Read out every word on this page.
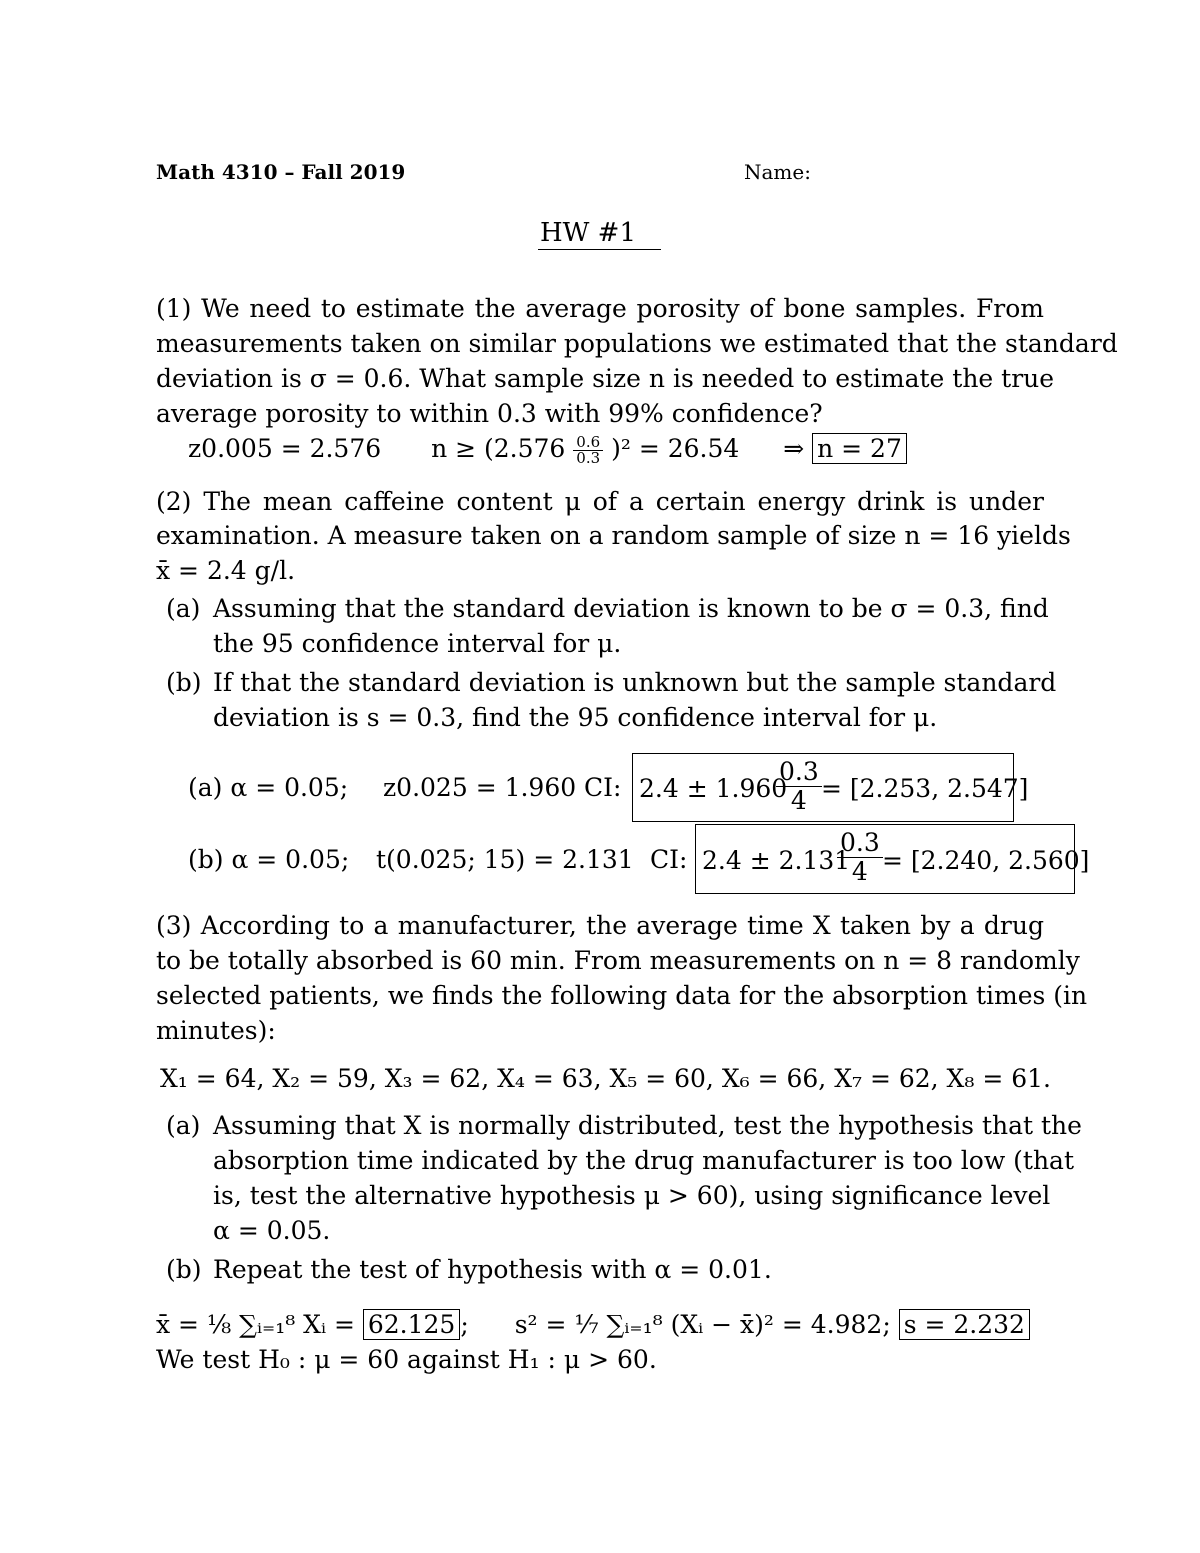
Math 4310 – Fall 2019	Name:
HW #1
(1) We need to estimate the average porosity of bone samples. From
measurements taken on similar populations we estimated that the standard
deviation is σ = 0.6. What sample size n is needed to estimate the true
average porosity to within 0.3 with 99% confidence?
z0.005 = 2.576 $n \ge (2.576 \frac{0.6}{0.3} )^2 = 26.54$ ⇒ n = 27
(2) The mean caffeine content μ of a certain energy drink is under
examination. A measure taken on a random sample of size n = 16 yields
x̄ = 2.4 g/l.
(a) Assuming that the standard deviation is known to be σ = 0.3, find
the 95 confidence interval for μ.
(b) If that the standard deviation is unknown but the sample standard
deviation is s = 0.3, find the 95 confidence interval for μ.
(a) α = 0.05; z0.025 = 1.960 CI: 2.4 ± 1.960
$\frac{0.3}{4} = [2.253$, 2.547]
(b) α = 0.05; t(0.025; 15) = 2.131 CI: 2.4 ± 2.131
$\frac{0.3}{4} = [2.240$, 2.560]
(3) According to a manufacturer, the average time X taken by a drug
to be totally absorbed is 60 min. From measurements on n = 8 randomly
selected patients, we finds the following data for the absorption times (in
minutes):
X₁ = 64, X₂ = 59, X₃ = 62, X₄ = 63, X₅ = 60, X₆ = 66, X₇ = 62, X₈ = 61.
(a) Assuming that X is normally distributed, test the hypothesis that the
absorption time indicated by the drug manufacturer is too low (that
is, test the alternative hypothesis μ > 60), using significance level
α = 0.05.
(b) Repeat the test of hypothesis with α = 0.01.
x̄ = ⅛ ∑ᵢ₌₁⁸ Xᵢ = 62.125 ; s² = ⅐ ∑ᵢ₌₁⁸ (Xᵢ − x̄)² = 4.982; s = 2.232
We test H₀ : μ = 60 against H₁ : μ > 60.
